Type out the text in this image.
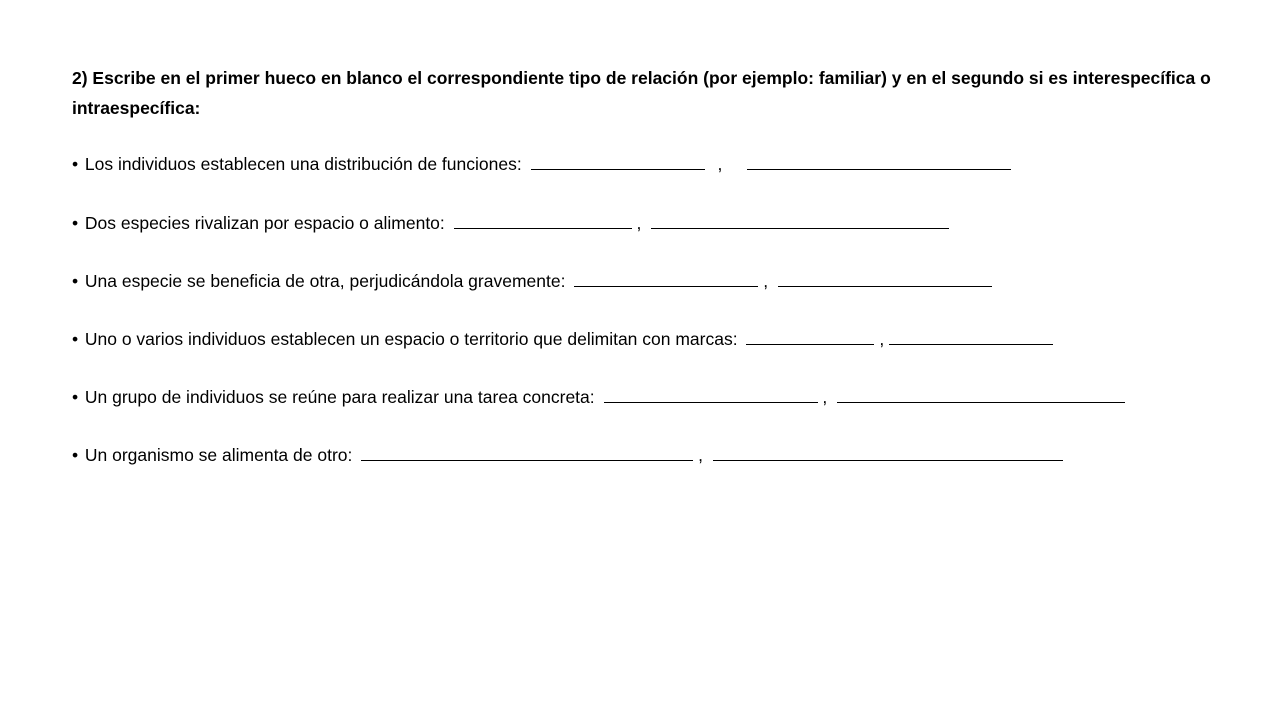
2) Escribe en el primer hueco en blanco el correspondiente tipo de relación (por ejemplo: familiar) y en el segundo si es interespecífica o intraespecífica:
• Los individuos establecen una distribución de funciones:	,
• Dos especies rivalizan por espacio o alimento:	,
• Una especie se beneficia de otra, perjudicándola gravemente:	,
• Uno o varios individuos establecen un espacio o territorio que delimitan con marcas:	,
• Un grupo de individuos se reúne para realizar una tarea concreta:	,
• Un organismo se alimenta de otro:	,
